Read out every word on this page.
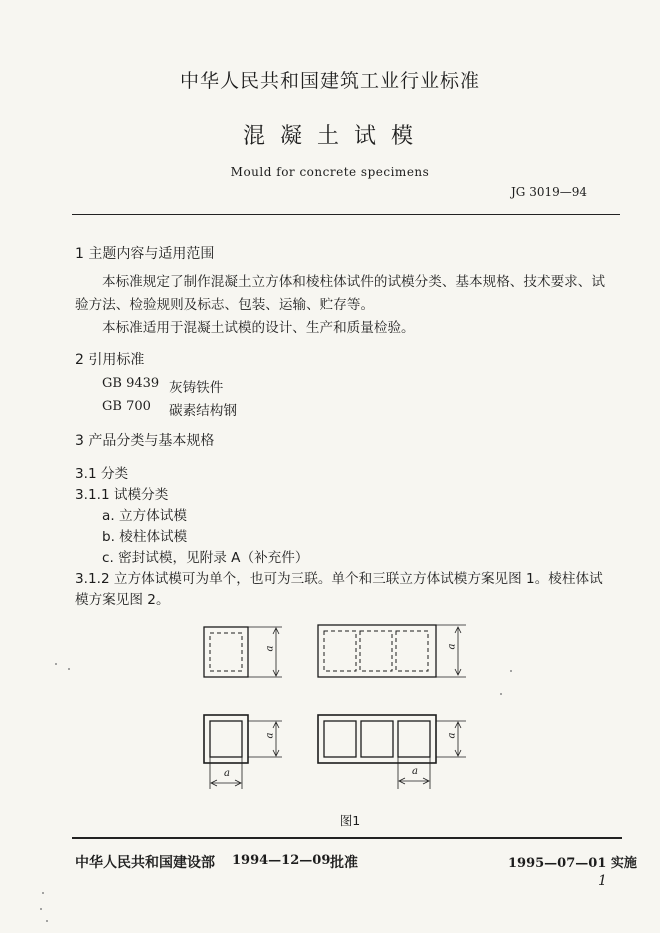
中华人民共和国建筑工业行业标准
混 凝 土 试 模
Mould for concrete specimens
JG 3019—94
1 主题内容与适用范围
本标准规定了制作混凝土立方体和棱柱体试件的试模分类、基本规格、技术要求、试
验方法、检验规则及标志、包装、运输、贮存等。
本标准适用于混凝土试模的设计、生产和质量检验。
2 引用标准
GB 9439 灰铸铁件
GB 700 碳素结构钢
3 产品分类与基本规格
3.1 分类
3.1.1 试模分类
a. 立方体试模
b. 棱柱体试模
c. 密封试模，见附录 A（补充件）
3.1.2 立方体试模可为单个，也可为三联。单个和三联立方体试模方案见图 1。棱柱体试
模方案见图 2。
a	a
a	a
a	a
图1
中华人民共和国建设部 1994—12—09 批准	1995—07—01 实施
1
